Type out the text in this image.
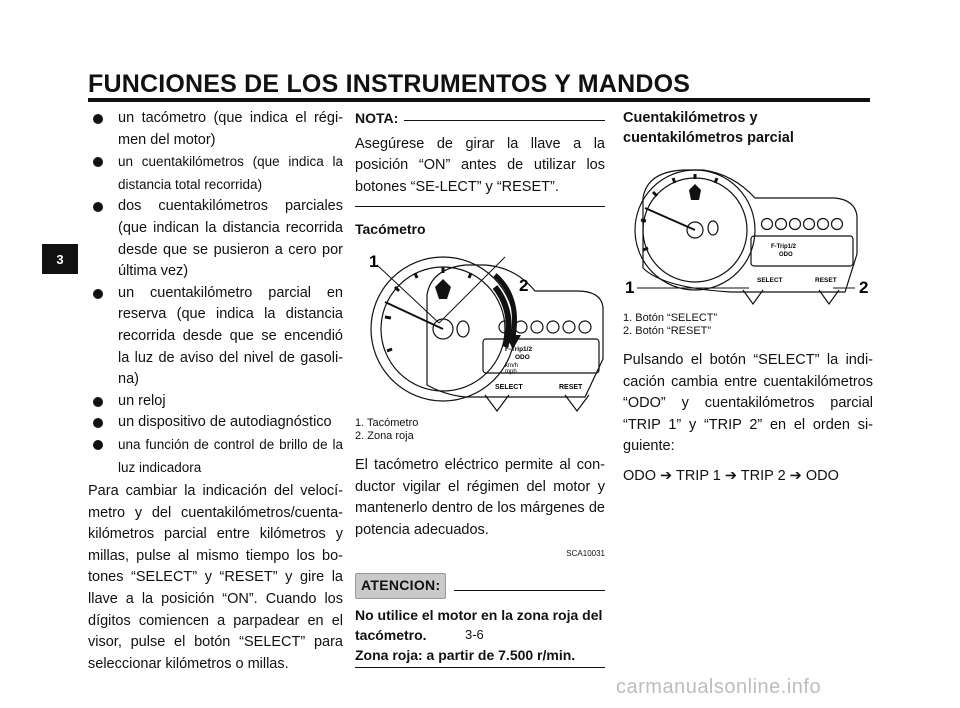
FUNCIONES DE LOS INSTRUMENTOS Y MANDOS
3
un tacómetro (que indica el régi-men del motor)
un cuentakilómetros (que indica la distancia total recorrida)
dos cuentakilómetros parciales (que indican la distancia recorrida desde que se pusieron a cero por última vez)
un cuentakilómetro parcial en reserva (que indica la distancia recorrida desde que se encendió la luz de aviso del nivel de gasoli-na)
un reloj
un dispositivo de autodiagnóstico
una función de control de brillo de la luz indicadora

Para cambiar la indicación del velocí-metro y del cuentakilómetros/cuenta-kilómetros parcial entre kilómetros y millas, pulse al mismo tiempo los bo-tones “SELECT” y “RESET” y gire la llave a la posición “ON”. Cuando los dígitos comiencen a parpadear en el visor, pulse el botón “SELECT” para seleccionar kilómetros o millas.

NOTA:

Asegúrese de girar la llave a la posición “ON” antes de utilizar los botones “SE-LECT” y “RESET”.

Tacómetro
1
2
F-Trip1/2
ODO
km/h
mph
SELECT	RESET
1. Tacómetro
2. Zona roja

El tacómetro eléctrico permite al con-ductor vigilar el régimen del motor y mantenerlo dentro de los márgenes de potencia adecuados.

SCA10031
ATENCION:
No utilice el motor en la zona roja del tacómetro.
Zona roja: a partir de 7.500 r/min.
Cuentakilómetros y cuentakilómetros parcial
1	2
F-Trip1/2
ODO
SELECT	RESET
1. Botón “SELECT”
2. Botón “RESET”

Pulsando el botón “SELECT” la indi-cación cambia entre cuentakilómetros “ODO” y cuentakilómetros parcial “TRIP 1” y “TRIP 2” en el orden si-guiente:

ODO ➔ TRIP 1 ➔ TRIP 2 ➔ ODO

3-6
carmanualsonline.info
